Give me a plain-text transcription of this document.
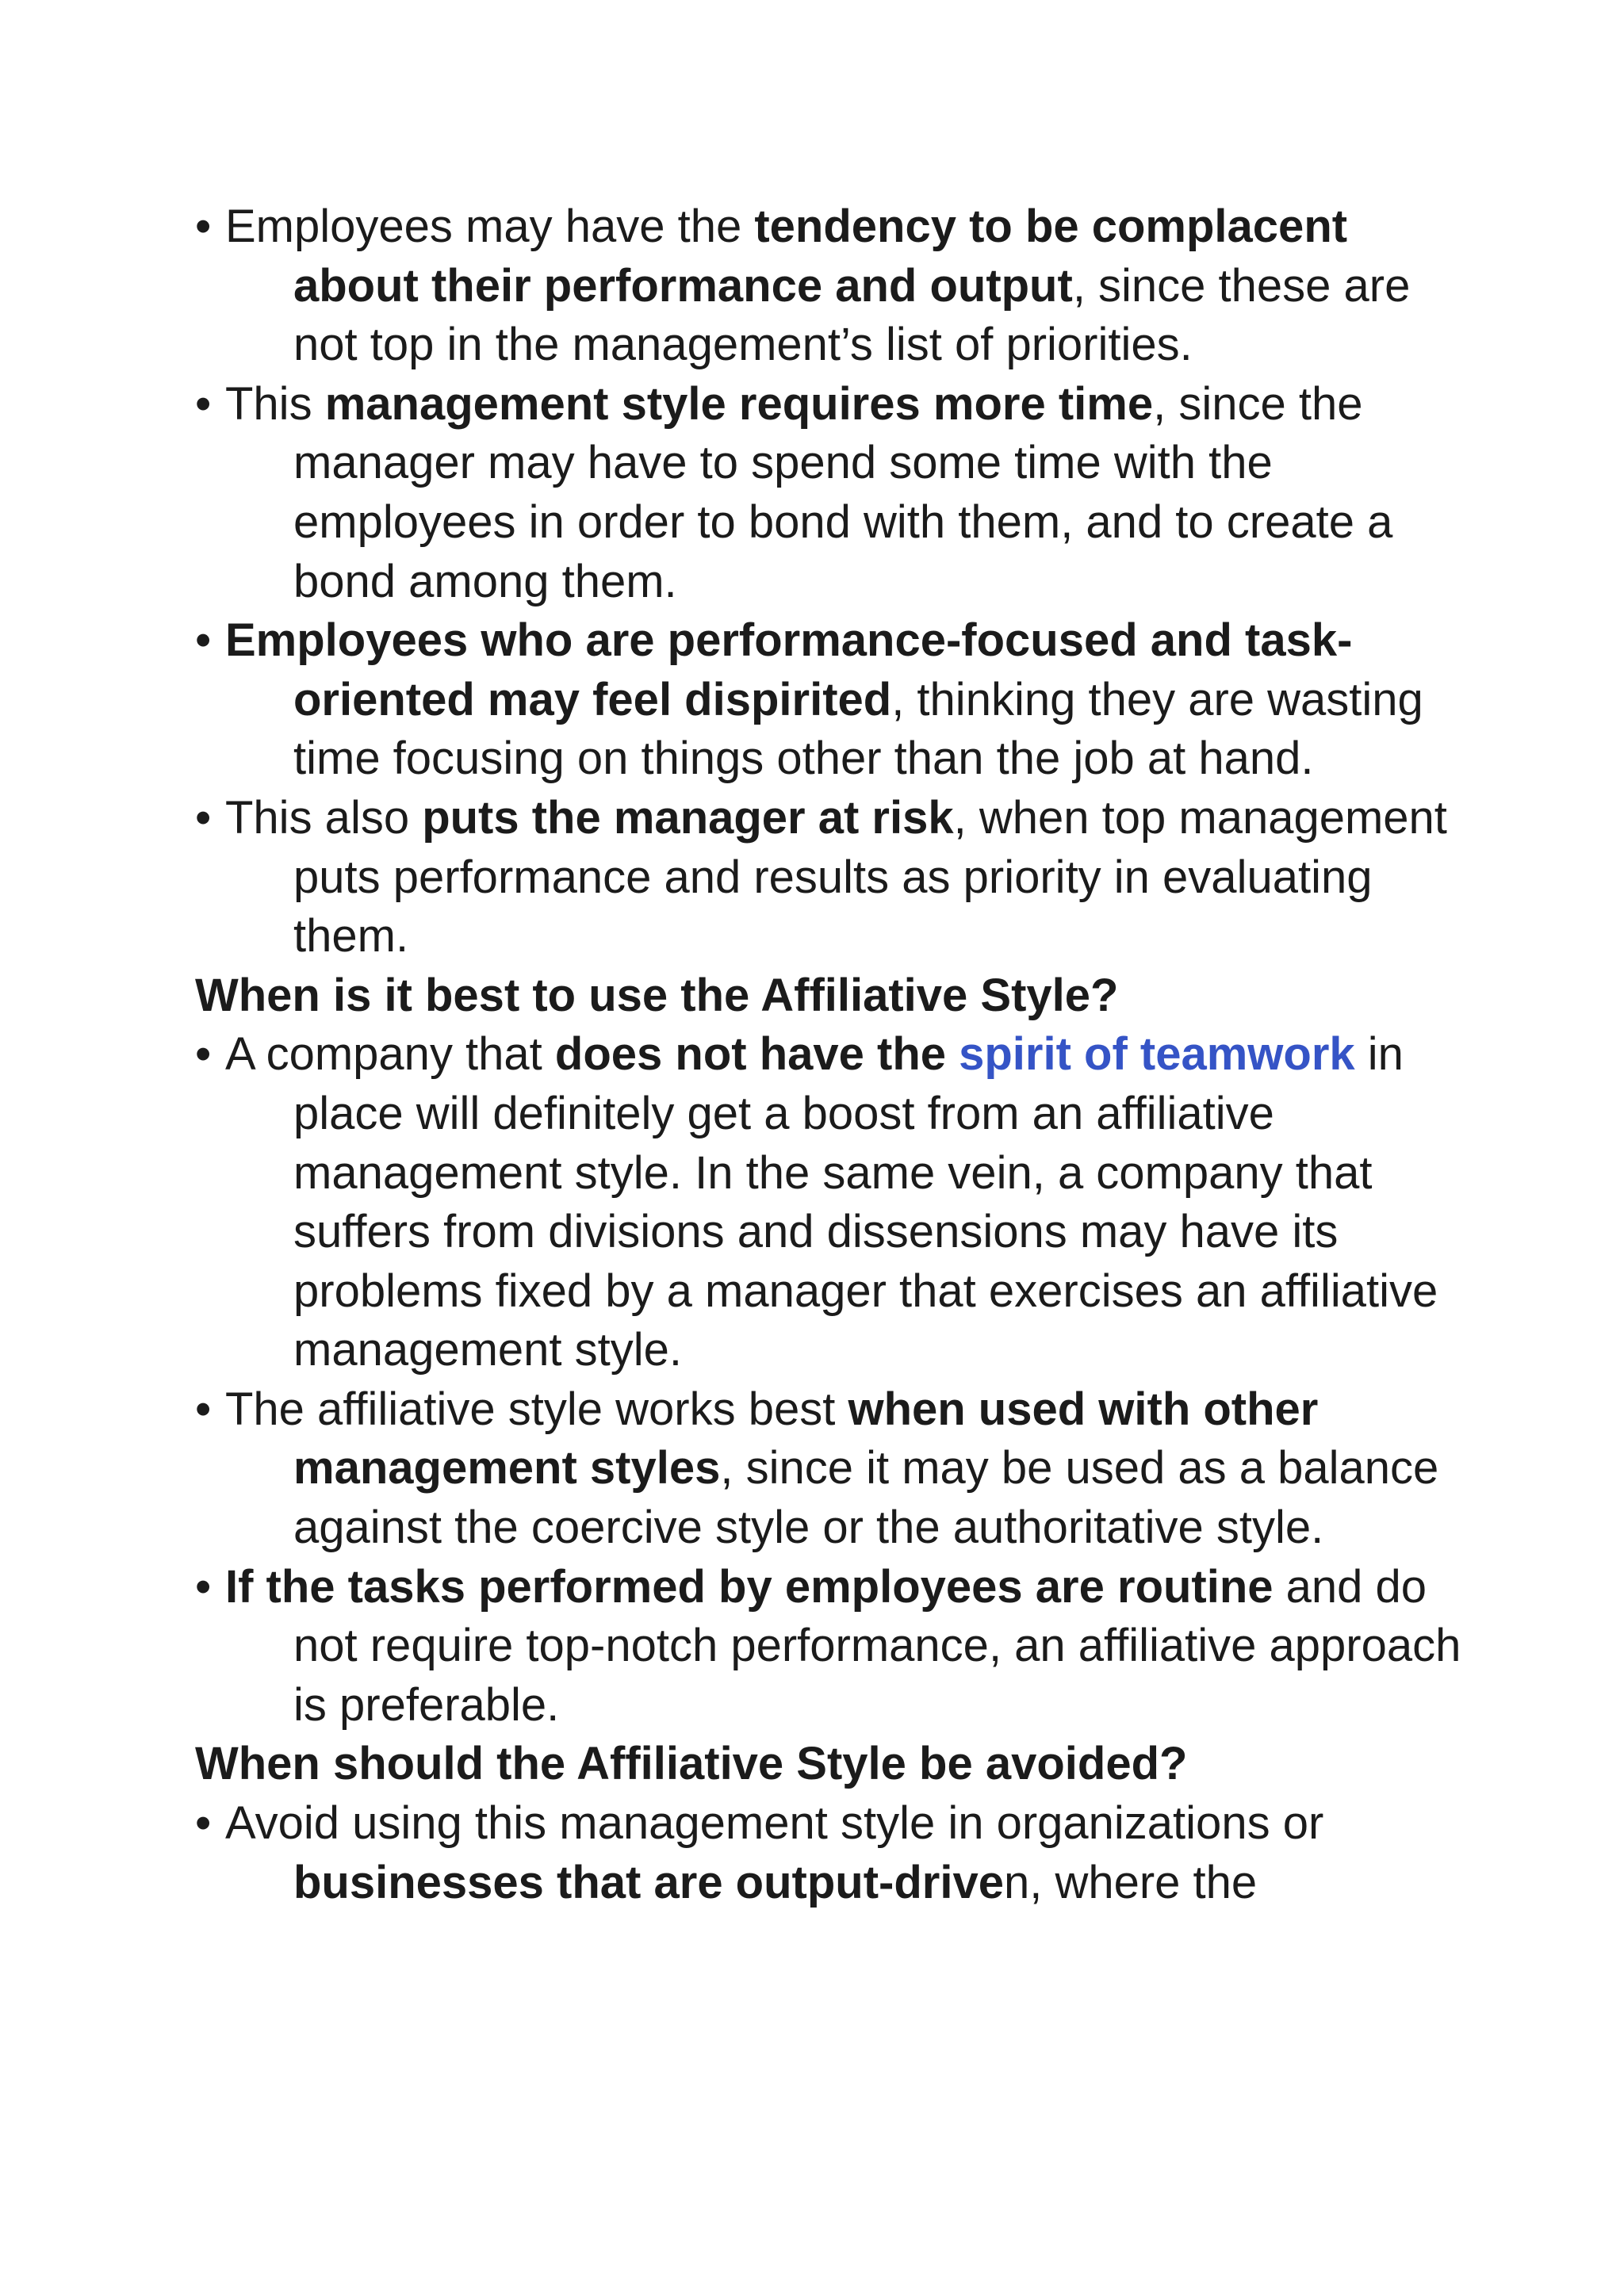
• Employees may have the tendency to be complacent about their performance and output, since these are not top in the management’s list of priorities.
• This management style requires more time, since the manager may have to spend some time with the employees in order to bond with them, and to create a bond among them.
• Employees who are performance-focused and task-oriented may feel dispirited, thinking they are wasting time focusing on things other than the job at hand.
• This also puts the manager at risk, when top management puts performance and results as priority in evaluating them.
When is it best to use the Affiliative Style?
• A company that does not have the spirit of teamwork in place will definitely get a boost from an affiliative management style. In the same vein, a company that suffers from divisions and dissensions may have its problems fixed by a manager that exercises an affiliative management style.
• The affiliative style works best when used with other management styles, since it may be used as a balance against the coercive style or the authoritative style.
• If the tasks performed by employees are routine and do not require top-notch performance, an affiliative approach is preferable.
When should the Affiliative Style be avoided?
• Avoid using this management style in organizations or businesses that are output-driven, where the
